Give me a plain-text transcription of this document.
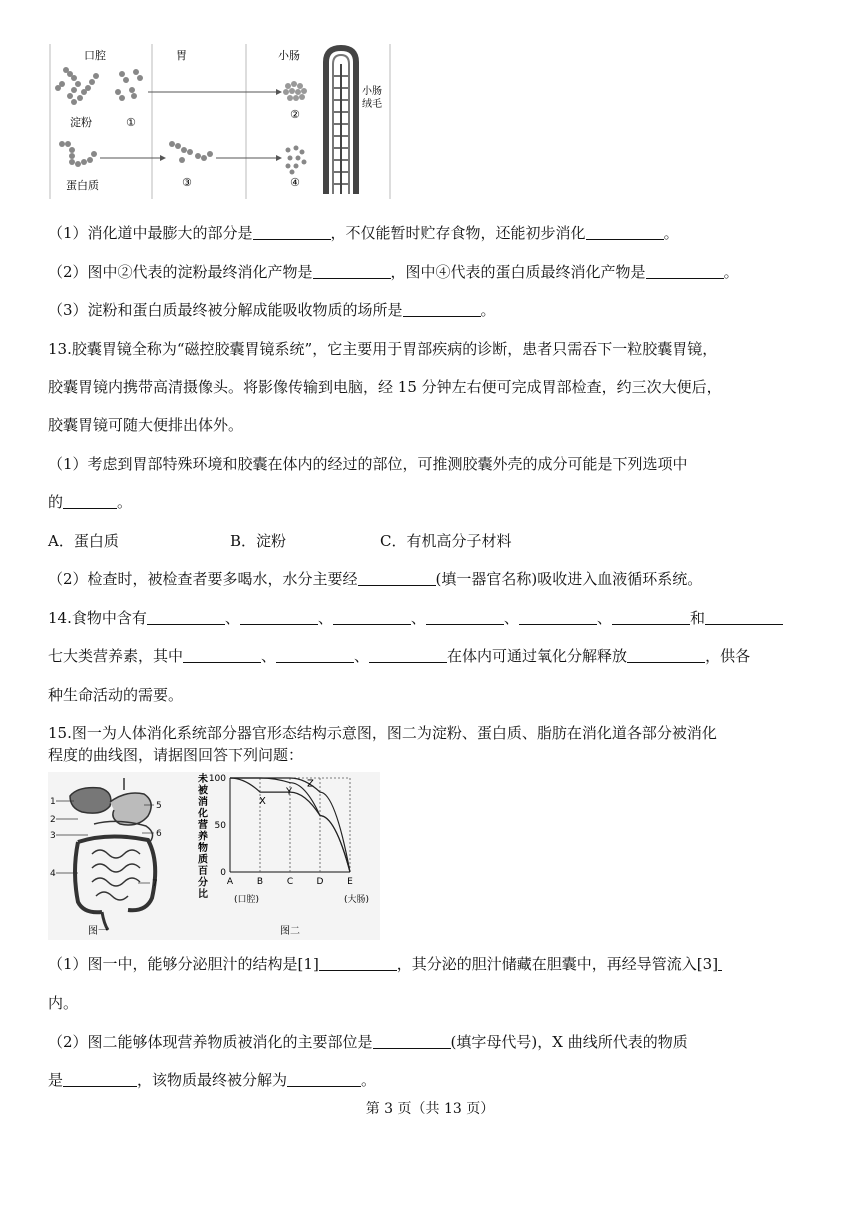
口腔	胃	小肠
淀粉	①
②
小肠
绒毛
蛋白质	③	④
（1）消化道中最膨大的部分是	，不仅能暂时贮存食物，还能初步消化	。
（2）图中②代表的淀粉最终消化产物是	，图中④代表的蛋白质最终消化产物是	。
（3）淀粉和蛋白质最终被分解成能吸收物质的场所是	。
13.胶囊胃镜全称为“磁控胶囊胃镜系统”，它主要用于胃部疾病的诊断，患者只需吞下一粒胶囊胃镜，
胶囊胃镜内携带高清摄像头。将影像传输到电脑，经 15 分钟左右便可完成胃部检查，约三次大便后，
胶囊胃镜可随大便排出体外。
（1）考虑到胃部特殊环境和胶囊在体内的经过的部位，可推测胶囊外壳的成分可能是下列选项中
的	。
A．蛋白质	B．淀粉	C．有机高分子材料
（2）检查时，被检查者要多喝水，水分主要经	(填一器官名称)吸收进入血液循环系统。
14.食物中含有	、	、	、	、	、	和
七大类营养素，其中	、	、	在体内可通过氧化分解释放	，供各
种生命活动的需要。
15.图一为人体消化系统部分器官形态结构示意图，图二为淀粉、蛋白质、脂肪在消化道各部分被消化
程度的曲线图，请据图回答下列问题：
1
2
3
4
5
6
7
图一
未被消化营养物质百分比
100
50
0
A	B	C	D	E
X
Y
Z
(口腔)	(大肠)
图二
（1）图一中，能够分泌胆汁的结构是[1]	，其分泌的胆汁储藏在胆囊中，再经导管流入[3]
内。
（2）图二能够体现营养物质被消化的主要部位是	(填字母代号)，X 曲线所代表的物质
是	，该物质最终被分解为	。
第 3 页（共 13 页）
